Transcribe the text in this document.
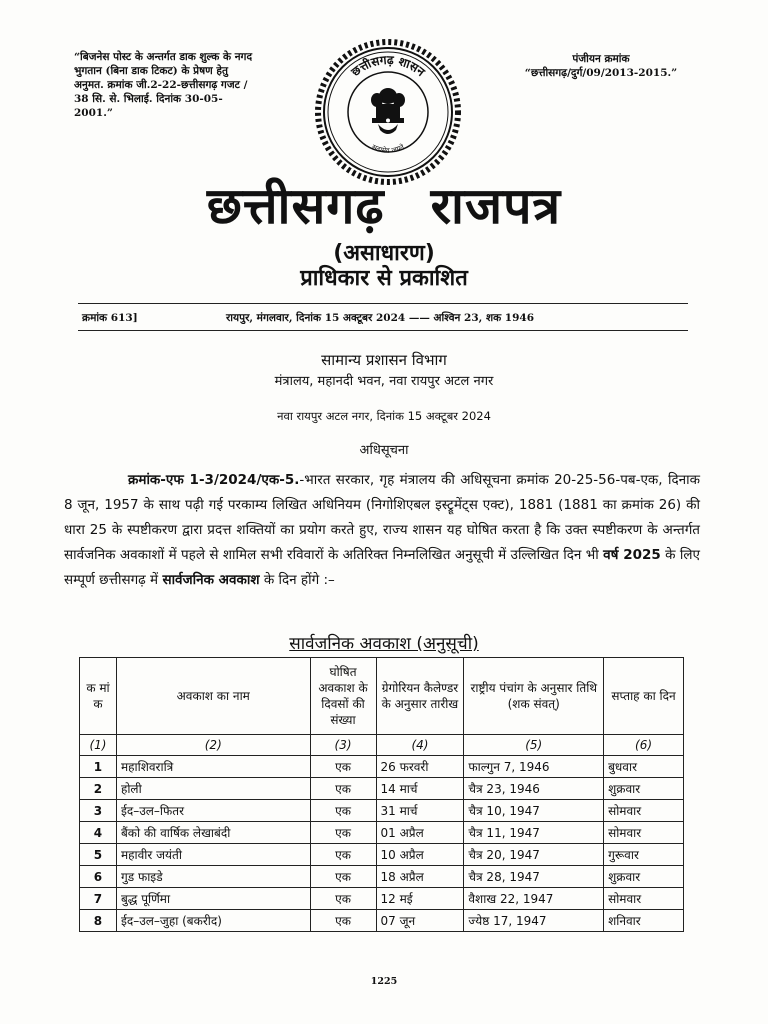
“बिजनेस पोस्ट के अन्तर्गत डाक शुल्क के नगद भुगतान (बिना डाक टिकट) के प्रेषण हेतु अनुमत. क्रमांक जी.2-22-छत्तीसगढ़ गजट / 38 सि. से. भिलाई. दिनांक 30-05-2001.”
पंजीयन क्रमांक
“छत्तीसगढ़/दुर्ग/09/2013-2015.”
छत्तीसगढ़ शासन
सत्यमेव जयते
छत्तीसगढ़ राजपत्र
(असाधारण)
प्राधिकार से प्रकाशित
क्रमांक 613]	रायपुर, मंगलवार, दिनांक 15 अक्टूबर 2024 —— अश्विन 23, शक 1946
सामान्य प्रशासन विभाग
मंत्रालय, महानदी भवन, नवा रायपुर अटल नगर
नवा रायपुर अटल नगर, दिनांक 15 अक्टूबर 2024
अधिसूचना
क्रमांक-एफ 1-3/2024/एक-5.-भारत सरकार, गृह मंत्रालय की अधिसूचना क्रमांक 20-25-56-पब-एक, दिनाक 8 जून, 1957 के साथ पढ़ी गई परकाम्य लिखित अधिनियम (निगोशिएबल इस्ट्रूमेंट्स एक्ट), 1881 (1881 का क्रमांक 26) की धारा 25 के स्पष्टीकरण द्वारा प्रदत्त शक्तियों का प्रयोग करते हुए, राज्य शासन यह घोषित करता है कि उक्त स्पष्टीकरण के अन्तर्गत सार्वजनिक अवकाशों में पहले से शामिल सभी रविवारों के अतिरिक्त निम्नलिखित अनुसूची में उल्लिखित दिन भी वर्ष 2025 के लिए सम्पूर्ण छत्तीसगढ़ में सार्वजनिक अवकाश के दिन होंगे :–
सार्वजनिक अवकाश (अनुसूची)
क मां क	अवकाश का नाम	घोषित अवकाश के दिवसों की संख्या	ग्रेगोरियन कैलेण्डर के अनुसार तारीख	राष्ट्रीय पंचांग के अनुसार तिथि (शक संवत्)	सप्ताह का दिन
(1)	(2)	(3)	(4)	(5)	(6)
1	महाशिवरात्रि	एक	26 फरवरी	फाल्गुन 7, 1946	बुधवार
2	होली	एक	14 मार्च	चैत्र 23, 1946	शुक्रवार
3	ईद–उल–फितर	एक	31 मार्च	चैत्र 10, 1947	सोमवार
4	बैंको की वार्षिक लेखाबंदी	एक	01 अप्रैल	चैत्र 11, 1947	सोमवार
5	महावीर जयंती	एक	10 अप्रैल	चैत्र 20, 1947	गुरूवार
6	गुड फाइडे	एक	18 अप्रैल	चैत्र 28, 1947	शुक्रवार
7	बुद्ध पूर्णिमा	एक	12 मई	वैशाख 22, 1947	सोमवार
8	ईद–उल–जुहा (बकरीद)	एक	07 जून	ज्येष्ठ 17, 1947	शनिवार
1225
